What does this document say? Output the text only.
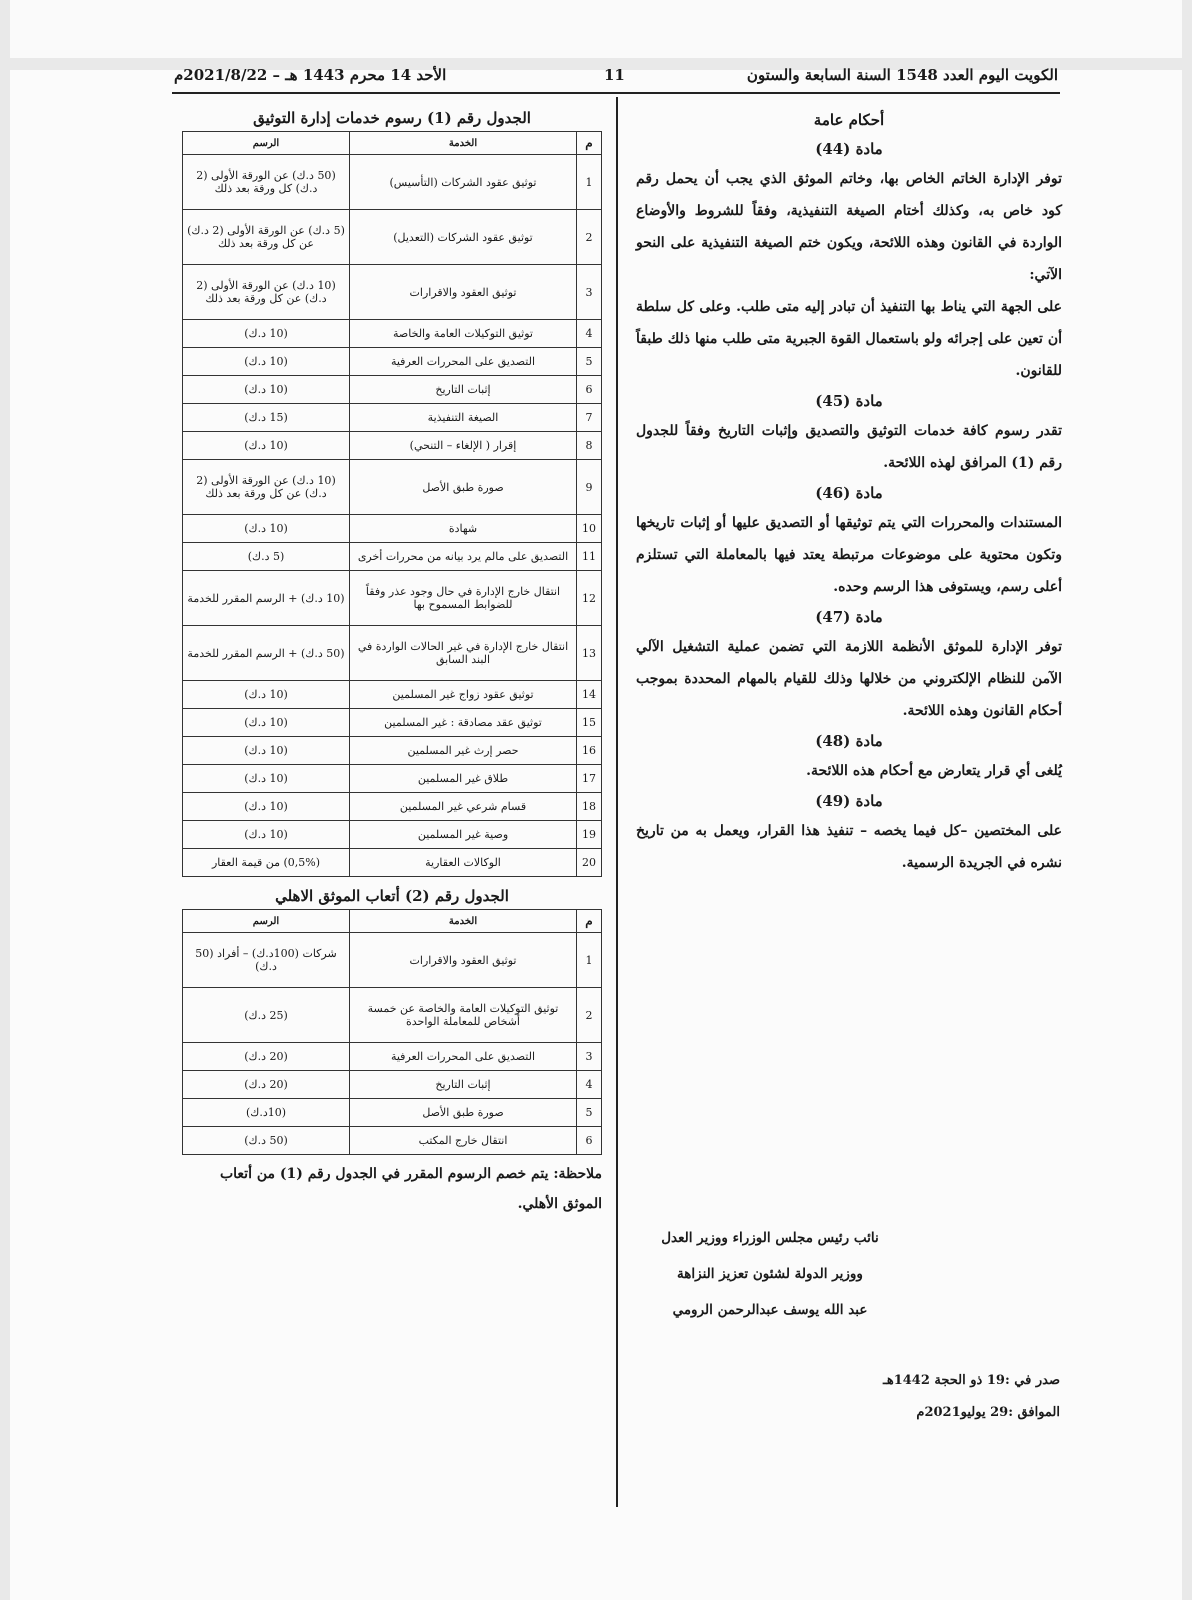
الكويت اليوم العدد 1548 السنة السابعة والستون
11
الأحد 14 محرم 1443 هـ – 2021/8/22م
أحكام عامة
مادة (44)

توفر الإدارة الخاتم الخاص بها، وخاتم الموثق الذي يجب أن يحمل رقم كود خاص به، وكذلك أختام الصيغة التنفيذية، وفقاً للشروط والأوضاع الواردة في القانون وهذه اللائحة، ويكون ختم الصيغة التنفيذية على النحو الآتي:

على الجهة التي يناط بها التنفيذ أن تبادر إليه متى طلب. وعلى كل سلطة أن تعين على إجرائه ولو باستعمال القوة الجبرية متى طلب منها ذلك طبقاً للقانون.

مادة (45)

تقدر رسوم كافة خدمات التوثيق والتصديق وإثبات التاريخ وفقاً للجدول رقم (1) المرافق لهذه اللائحة.

مادة (46)

المستندات والمحررات التي يتم توثيقها أو التصديق عليها أو إثبات تاريخها وتكون محتوية على موضوعات مرتبطة يعتد فيها بالمعاملة التي تستلزم أعلى رسم، ويستوفى هذا الرسم وحده.

مادة (47)

توفر الإدارة للموثق الأنظمة اللازمة التي تضمن عملية التشغيل الآلي الآمن للنظام الإلكتروني من خلالها وذلك للقيام بالمهام المحددة بموجب أحكام القانون وهذه اللائحة.

مادة (48)

يُلغى أي قرار يتعارض مع أحكام هذه اللائحة.

مادة (49)

على المختصين –كل فيما يخصه – تنفيذ هذا القرار، ويعمل به من تاريخ نشره في الجريدة الرسمية.

نائب رئيس مجلس الوزراء ووزير العدل
ووزير الدولة لشئون تعزيز النزاهة
عبد الله يوسف عبدالرحمن الرومي
صدر في :19 ذو الحجة 1442هـ
الموافق :29 يوليو2021م
الجدول رقم (1) رسوم خدمات إدارة التوثيق
م	الخدمة	الرسم
1	توثيق عقود الشركات (التأسيس)	(50 د.ك) عن الورقة الأولى (2 د.ك) كل ورقة بعد ذلك
2	توثيق عقود الشركات (التعديل)	(5 د.ك) عن الورقة الأولى (2 د.ك) عن كل ورقة بعد ذلك
3	توثيق العقود والاقرارات	(10 د.ك) عن الورقة الأولى (2 د.ك) عن كل ورقة بعد ذلك
4	توثيق التوكيلات العامة والخاصة	(10 د.ك)
5	التصديق على المحررات العرفية	(10 د.ك)
6	إثبات التاريخ	(10 د.ك)
7	الصيغة التنفيذية	(15 د.ك)
8	إقرار ( الإلغاء – التنحي)	(10 د.ك)
9	صورة طبق الأصل	(10 د.ك) عن الورقة الأولى (2 د.ك) عن كل ورقة بعد ذلك
10	شهادة	(10 د.ك)
11	التصديق على مالم يرد بيانه من محررات أخرى	(5 د.ك)
12	انتقال خارج الإدارة في حال وجود عذر وفقاً للضوابط المسموح بها	(10 د.ك) + الرسم المقرر للخدمة
13	انتقال خارج الإدارة في غير الحالات الواردة في البند السابق	(50 د.ك) + الرسم المقرر للخدمة
14	توثيق عقود زواج غير المسلمين	(10 د.ك)
15	توثيق عقد مصادقة : غير المسلمين	(10 د.ك)
16	حصر إرث غير المسلمين	(10 د.ك)
17	طلاق غير المسلمين	(10 د.ك)
18	قسام شرعي غير المسلمين	(10 د.ك)
19	وصية غير المسلمين	(10 د.ك)
20	الوكالات العقارية	(0,5%) من قيمة العقار
الجدول رقم (2) أتعاب الموثق الاهلي
م	الخدمة	الرسم
1	توثيق العقود والاقرارات	شركات (100د.ك) – أفراد (50 د.ك)
2	توثيق التوكيلات العامة والخاصة عن خمسة أشخاص للمعاملة الواحدة	(25 د.ك)
3	التصديق على المحررات العرفية	(20 د.ك)
4	إثبات التاريخ	(20 د.ك)
5	صورة طبق الأصل	(10د.ك)
6	انتقال خارج المكتب	(50 د.ك)
ملاحظة: يتم خصم الرسوم المقرر في الجدول رقم (1) من أتعاب الموثق الأهلي.
